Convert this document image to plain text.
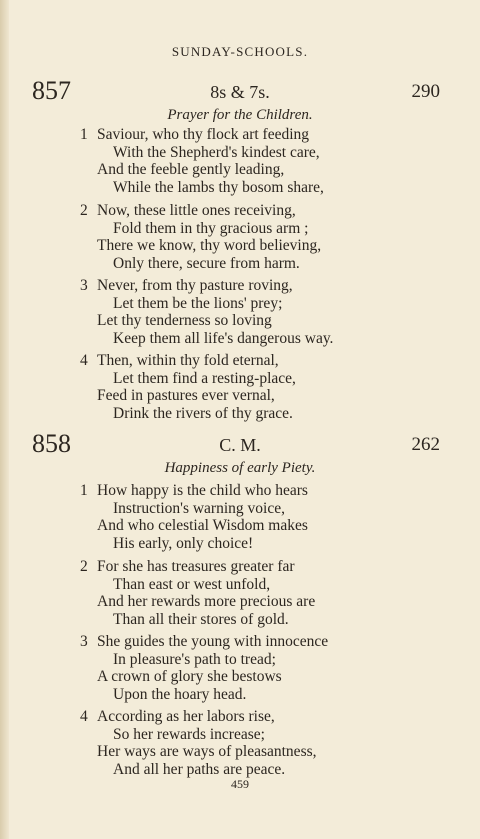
SUNDAY-SCHOOLS.
857	8s & 7s.	290
Prayer for the Children.
1 Saviour, who thy flock art feeding
With the Shepherd's kindest care,
And the feeble gently leading,
While the lambs thy bosom share,
2 Now, these little ones receiving,
Fold them in thy gracious arm ;
There we know, thy word believing,
Only there, secure from harm.
3 Never, from thy pasture roving,
Let them be the lions' prey;
Let thy tenderness so loving
Keep them all life's dangerous way.
4 Then, within thy fold eternal,
Let them find a resting-place,
Feed in pastures ever vernal,
Drink the rivers of thy grace.
858	C. M.	262
Happiness of early Piety.
1 How happy is the child who hears
Instruction's warning voice,
And who celestial Wisdom makes
His early, only choice!
2 For she has treasures greater far
Than east or west unfold,
And her rewards more precious are
Than all their stores of gold.
3 She guides the young with innocence
In pleasure's path to tread;
A crown of glory she bestows
Upon the hoary head.
4 According as her labors rise,
So her rewards increase;
Her ways are ways of pleasantness,
And all her paths are peace.
459
